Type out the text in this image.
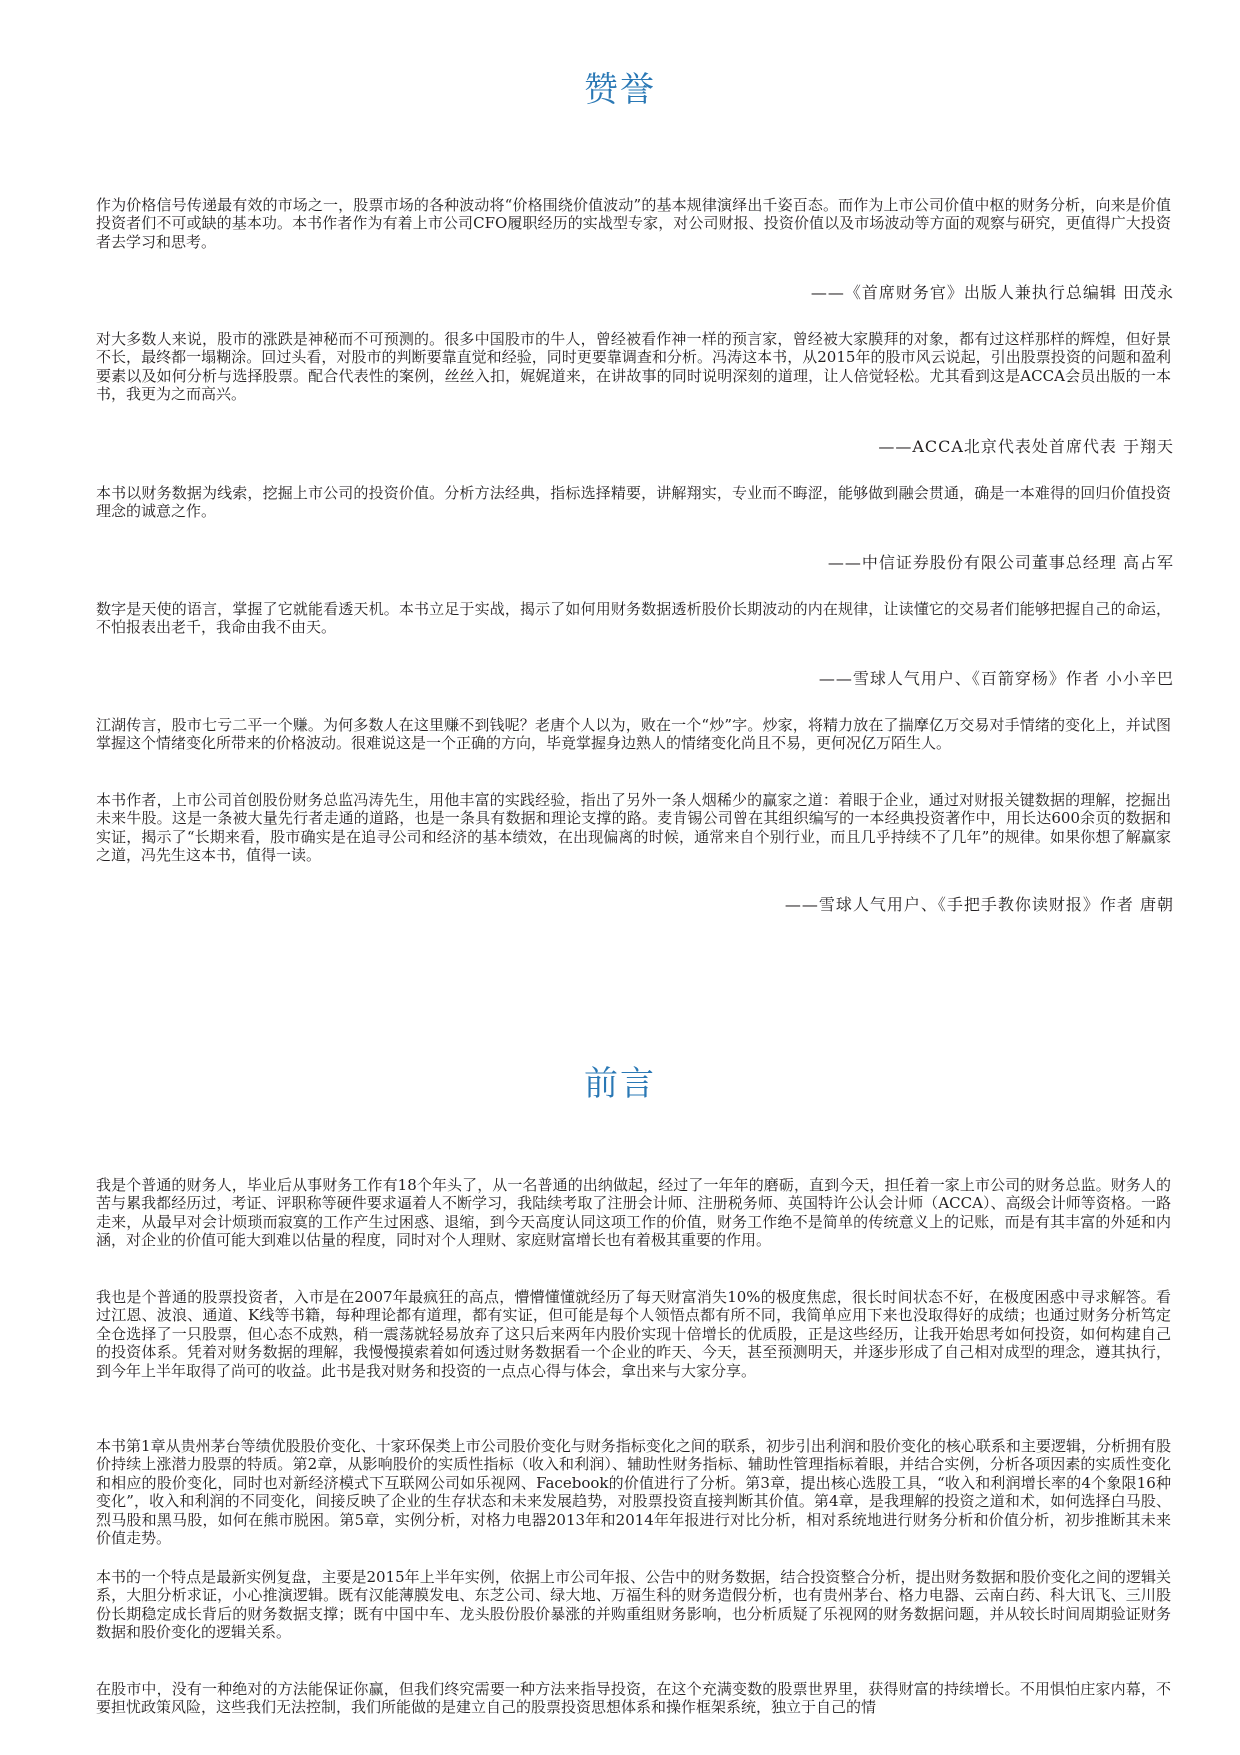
赞誉

作为价格信号传递最有效的市场之一，股票市场的各种波动将“价格围绕价值波动”的基本规律演绎出千姿百态。而作为上市公司价值中枢的财务分析，向来是价值投资者们不可或缺的基本功。本书作者作为有着上市公司CFO履职经历的实战型专家，对公司财报、投资价值以及市场波动等方面的观察与研究，更值得广大投资者去学习和思考。

——《首席财务官》出版人兼执行总编辑 田茂永

对大多数人来说，股市的涨跌是神秘而不可预测的。很多中国股市的牛人，曾经被看作神一样的预言家，曾经被大家膜拜的对象，都有过这样那样的辉煌，但好景不长，最终都一塌糊涂。回过头看，对股市的判断要靠直觉和经验，同时更要靠调查和分析。冯涛这本书，从2015年的股市风云说起，引出股票投资的问题和盈利要素以及如何分析与选择股票。配合代表性的案例，丝丝入扣，娓娓道来，在讲故事的同时说明深刻的道理，让人倍觉轻松。尤其看到这是ACCA会员出版的一本书，我更为之而高兴。

——ACCA北京代表处首席代表 于翔天

本书以财务数据为线索，挖掘上市公司的投资价值。分析方法经典，指标选择精要，讲解翔实，专业而不晦涩，能够做到融会贯通，确是一本难得的回归价值投资理念的诚意之作。

——中信证券股份有限公司董事总经理 高占军

数字是天使的语言，掌握了它就能看透天机。本书立足于实战，揭示了如何用财务数据透析股价长期波动的内在规律，让读懂它的交易者们能够把握自己的命运，不怕报表出老千，我命由我不由天。

——雪球人气用户、《百箭穿杨》作者 小小辛巴

江湖传言，股市七亏二平一个赚。为何多数人在这里赚不到钱呢？老唐个人以为，败在一个“炒”字。炒家，将精力放在了揣摩亿万交易对手情绪的变化上，并试图掌握这个情绪变化所带来的价格波动。很难说这是一个正确的方向，毕竟掌握身边熟人的情绪变化尚且不易，更何况亿万陌生人。

本书作者，上市公司首创股份财务总监冯涛先生，用他丰富的实践经验，指出了另外一条人烟稀少的赢家之道：着眼于企业，通过对财报关键数据的理解，挖掘出未来牛股。这是一条被大量先行者走通的道路，也是一条具有数据和理论支撑的路。麦肯锡公司曾在其组织编写的一本经典投资著作中，用长达600余页的数据和实证，揭示了“长期来看，股市确实是在追寻公司和经济的基本绩效，在出现偏离的时候，通常来自个别行业，而且几乎持续不了几年”的规律。如果你想了解赢家之道，冯先生这本书，值得一读。

——雪球人气用户、《手把手教你读财报》作者 唐朝

前言

我是个普通的财务人，毕业后从事财务工作有18个年头了，从一名普通的出纳做起，经过了一年年的磨砺，直到今天，担任着一家上市公司的财务总监。财务人的苦与累我都经历过，考证、评职称等硬件要求逼着人不断学习，我陆续考取了注册会计师、注册税务师、英国特许公认会计师（ACCA）、高级会计师等资格。一路走来，从最早对会计烦琐而寂寞的工作产生过困惑、退缩，到今天高度认同这项工作的价值，财务工作绝不是简单的传统意义上的记账，而是有其丰富的外延和内涵，对企业的价值可能大到难以估量的程度，同时对个人理财、家庭财富增长也有着极其重要的作用。

我也是个普通的股票投资者，入市是在2007年最疯狂的高点，懵懵懂懂就经历了每天财富消失10%的极度焦虑，很长时间状态不好，在极度困惑中寻求解答。看过江恩、波浪、通道、K线等书籍，每种理论都有道理，都有实证，但可能是每个人领悟点都有所不同，我简单应用下来也没取得好的成绩；也通过财务分析笃定全仓选择了一只股票，但心态不成熟，稍一震荡就轻易放弃了这只后来两年内股价实现十倍增长的优质股，正是这些经历，让我开始思考如何投资，如何构建自己的投资体系。凭着对财务数据的理解，我慢慢摸索着如何透过财务数据看一个企业的昨天、今天，甚至预测明天，并逐步形成了自己相对成型的理念，遵其执行，到今年上半年取得了尚可的收益。此书是我对财务和投资的一点点心得与体会，拿出来与大家分享。

本书第1章从贵州茅台等绩优股股价变化、十家环保类上市公司股价变化与财务指标变化之间的联系，初步引出利润和股价变化的核心联系和主要逻辑，分析拥有股价持续上涨潜力股票的特质。第2章，从影响股价的实质性指标（收入和利润）、辅助性财务指标、辅助性管理指标着眼，并结合实例，分析各项因素的实质性变化和相应的股价变化，同时也对新经济模式下互联网公司如乐视网、Facebook的价值进行了分析。第3章，提出核心选股工具，“收入和利润增长率的4个象限16种变化”，收入和利润的不同变化，间接反映了企业的生存状态和未来发展趋势，对股票投资直接判断其价值。第4章，是我理解的投资之道和术，如何选择白马股、烈马股和黑马股，如何在熊市脱困。第5章，实例分析，对格力电器2013年和2014年年报进行对比分析，相对系统地进行财务分析和价值分析，初步推断其未来价值走势。

本书的一个特点是最新实例复盘，主要是2015年上半年实例，依据上市公司年报、公告中的财务数据，结合投资整合分析，提出财务数据和股价变化之间的逻辑关系，大胆分析求证，小心推演逻辑。既有汉能薄膜发电、东芝公司、绿大地、万福生科的财务造假分析，也有贵州茅台、格力电器、云南白药、科大讯飞、三川股份长期稳定成长背后的财务数据支撑；既有中国中车、龙头股份股价暴涨的并购重组财务影响，也分析质疑了乐视网的财务数据问题，并从较长时间周期验证财务数据和股价变化的逻辑关系。

在股市中，没有一种绝对的方法能保证你赢，但我们终究需要一种方法来指导投资，在这个充满变数的股票世界里，获得财富的持续增长。不用惧怕庄家内幕，不要担忧政策风险，这些我们无法控制，我们所能做的是建立自己的股票投资思想体系和操作框架系统，独立于自己的情
